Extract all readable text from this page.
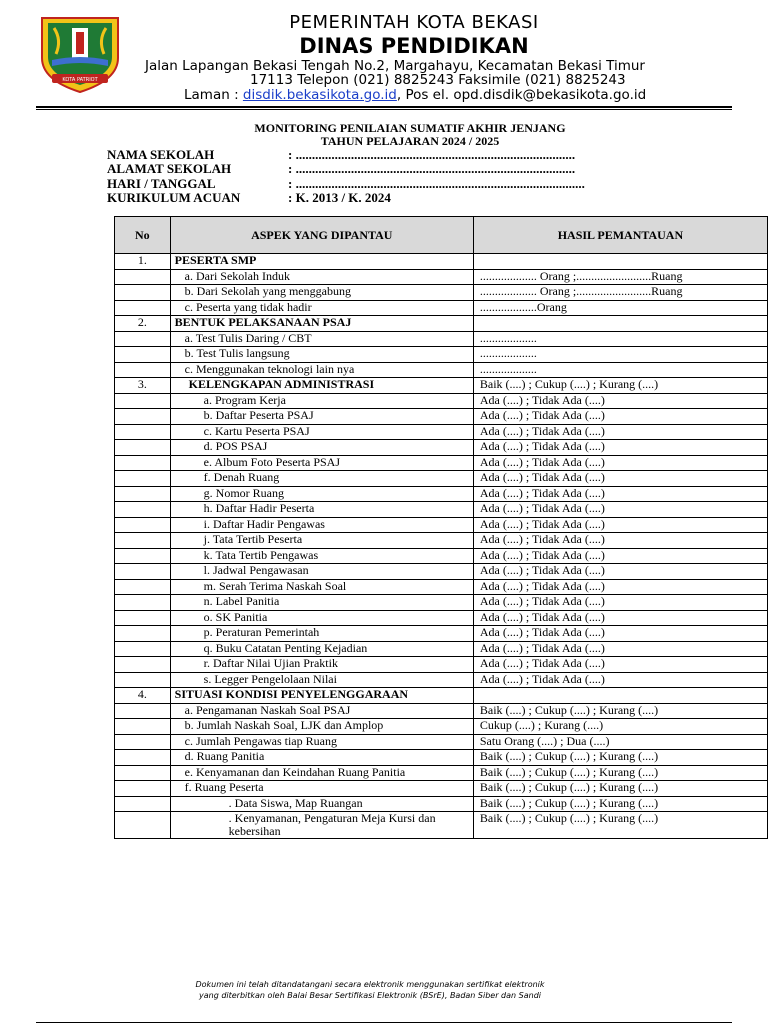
KOTA PATRIOT
PEMERINTAH KOTA BEKASI
DINAS PENDIDIKAN
Jalan Lapangan Bekasi Tengah No.2, Margahayu, Kecamatan Bekasi Timur
17113 Telepon (021) 8825243 Faksimile (021) 8825243
Laman : disdik.bekasikota.go.id, Pos el. opd.disdik@bekasikota.go.id
MONITORING PENILAIAN SUMATIF AKHIR JENJANG
TAHUN PELAJARAN 2024 / 2025
NAMA SEKOLAH	: ......................................................................................
ALAMAT SEKOLAH	: ......................................................................................
HARI / TANGGAL	: .........................................................................................
KURIKULUM ACUAN	: K. 2013 / K. 2024
No	ASPEK YANG DIPANTAU	HASIL PEMANTAUAN
1.	PESERTA SMP	
	a. Dari Sekolah Induk	................... Orang ;.........................Ruang
	b. Dari Sekolah yang menggabung	................... Orang ;.........................Ruang
	c. Peserta yang tidak hadir	...................Orang
2.	BENTUK PELAKSANAAN PSAJ	
	a. Test Tulis Daring / CBT	...................
	b. Test Tulis langsung	...................
	c. Menggunakan teknologi lain nya	...................
3.	KELENGKAPAN ADMINISTRASI	Baik (....) ; Cukup (....) ; Kurang (....)
	a. Program Kerja	Ada (....) ; Tidak Ada (....)
	b. Daftar Peserta PSAJ	Ada (....) ; Tidak Ada (....)
	c. Kartu Peserta PSAJ	Ada (....) ; Tidak Ada (....)
	d. POS PSAJ	Ada (....) ; Tidak Ada (....)
	e. Album Foto Peserta PSAJ	Ada (....) ; Tidak Ada (....)
	f. Denah Ruang	Ada (....) ; Tidak Ada (....)
	g. Nomor Ruang	Ada (....) ; Tidak Ada (....)
	h. Daftar Hadir Peserta	Ada (....) ; Tidak Ada (....)
	i. Daftar Hadir Pengawas	Ada (....) ; Tidak Ada (....)
	j. Tata Tertib Peserta	Ada (....) ; Tidak Ada (....)
	k. Tata Tertib Pengawas	Ada (....) ; Tidak Ada (....)
	l. Jadwal Pengawasan	Ada (....) ; Tidak Ada (....)
	m. Serah Terima Naskah Soal	Ada (....) ; Tidak Ada (....)
	n. Label Panitia	Ada (....) ; Tidak Ada (....)
	o. SK Panitia	Ada (....) ; Tidak Ada (....)
	p. Peraturan Pemerintah	Ada (....) ; Tidak Ada (....)
	q. Buku Catatan Penting Kejadian	Ada (....) ; Tidak Ada (....)
	r. Daftar Nilai Ujian Praktik	Ada (....) ; Tidak Ada (....)
	s. Legger Pengelolaan Nilai	Ada (....) ; Tidak Ada (....)
4.	SITUASI KONDISI PENYELENGGARAAN	
	a. Pengamanan Naskah Soal PSAJ	Baik (....) ; Cukup (....) ; Kurang (....)
	b. Jumlah Naskah Soal, LJK dan Amplop	Cukup (....) ; Kurang (....)
	c. Jumlah Pengawas tiap Ruang	Satu Orang (....) ; Dua (....)
	d. Ruang Panitia	Baik (....) ; Cukup (....) ; Kurang (....)
	e. Kenyamanan dan Keindahan Ruang Panitia	Baik (....) ; Cukup (....) ; Kurang (....)
	f. Ruang Peserta	Baik (....) ; Cukup (....) ; Kurang (....)
	. Data Siswa, Map Ruangan	Baik (....) ; Cukup (....) ; Kurang (....)
	. Kenyamanan, Pengaturan Meja Kursi dan kebersihan	Baik (....) ; Cukup (....) ; Kurang (....)
Dokumen ini telah ditandatangani secara elektronik menggunakan sertifikat elektronik
yang diterbitkan oleh Balai Besar Sertifikasi Elektronik (BSrE), Badan Siber dan Sandi
